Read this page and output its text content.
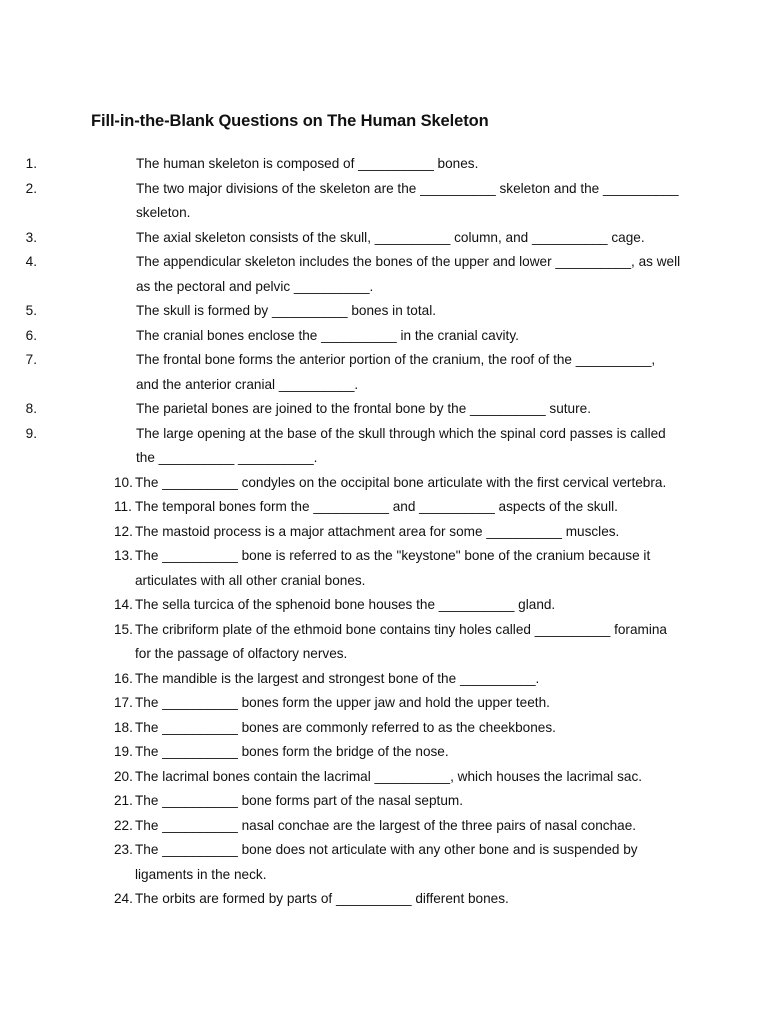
Fill-in-the-Blank Questions on The Human Skeleton
1.	The human skeleton is composed of __________ bones.
2.	The two major divisions of the skeleton are the __________ skeleton and the __________ skeleton.
3.	The axial skeleton consists of the skull, __________ column, and __________ cage.
4.	The appendicular skeleton includes the bones of the upper and lower __________, as well as the pectoral and pelvic __________.
5.	The skull is formed by __________ bones in total.
6.	The cranial bones enclose the __________ in the cranial cavity.
7.	The frontal bone forms the anterior portion of the cranium, the roof of the __________, and the anterior cranial __________.
8.	The parietal bones are joined to the frontal bone by the __________ suture.
9.	The large opening at the base of the skull through which the spinal cord passes is called the __________ __________.
10. The __________ condyles on the occipital bone articulate with the first cervical vertebra.
11. The temporal bones form the __________ and __________ aspects of the skull.
12. The mastoid process is a major attachment area for some __________ muscles.
13. The __________ bone is referred to as the "keystone" bone of the cranium because it articulates with all other cranial bones.
14. The sella turcica of the sphenoid bone houses the __________ gland.
15. The cribriform plate of the ethmoid bone contains tiny holes called __________ foramina for the passage of olfactory nerves.
16. The mandible is the largest and strongest bone of the __________.
17. The __________ bones form the upper jaw and hold the upper teeth.
18. The __________ bones are commonly referred to as the cheekbones.
19. The __________ bones form the bridge of the nose.
20. The lacrimal bones contain the lacrimal __________, which houses the lacrimal sac.
21. The __________ bone forms part of the nasal septum.
22. The __________ nasal conchae are the largest of the three pairs of nasal conchae.
23. The __________ bone does not articulate with any other bone and is suspended by ligaments in the neck.
24. The orbits are formed by parts of __________ different bones.
